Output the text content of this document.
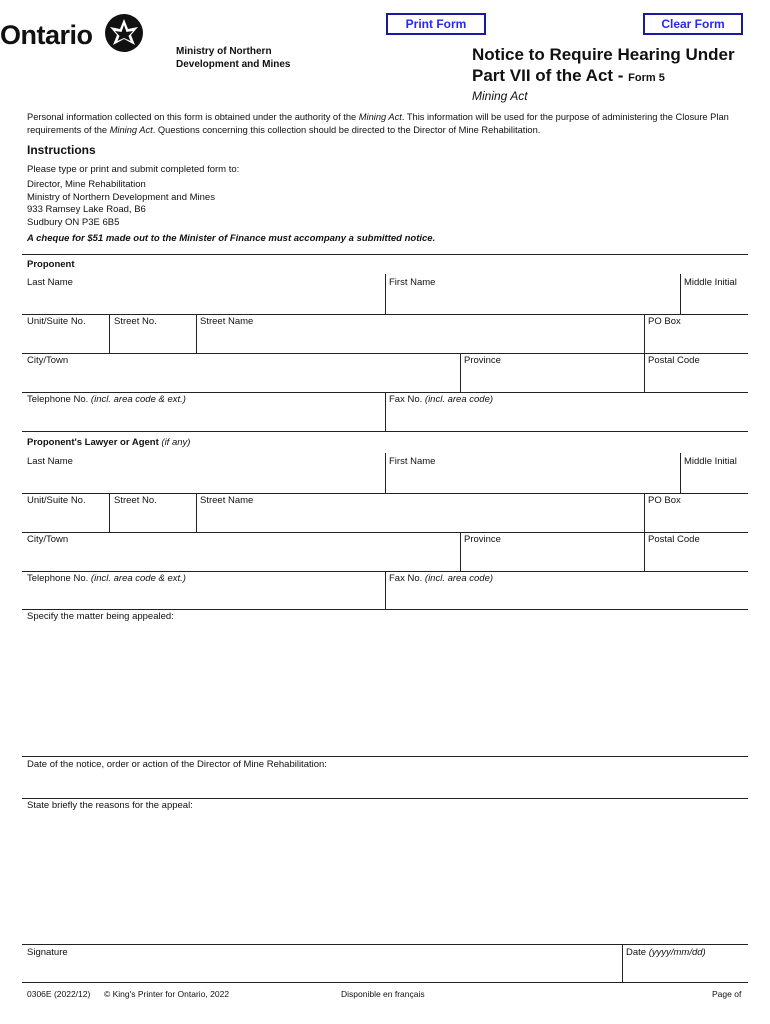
Ontario
Ministry of Northern
Development and Mines
Print Form	Clear Form
Notice to Require Hearing Under
Part VII of the Act - Form 5
Mining Act
Personal information collected on this form is obtained under the authority of the Mining Act. This information will be used for the purpose of administering the Closure Plan requirements of the Mining Act. Questions concerning this collection should be directed to the Director of Mine Rehabilitation.
Instructions
Please type or print and submit completed form to:
Director, Mine Rehabilitation
Ministry of Northern Development and Mines
933 Ramsey Lake Road, B6
Sudbury ON P3E 6B5
A cheque for $51 made out to the Minister of Finance must accompany a submitted notice.
Proponent
Last Name	First Name	Middle Initial
Unit/Suite No.	Street No.	Street Name	PO Box
City/Town	Province	Postal Code
Telephone No. (incl. area code & ext.)	Fax No. (incl. area code)
Proponent's Lawyer or Agent (if any)
Last Name	First Name	Middle Initial
Unit/Suite No.	Street No.	Street Name	PO Box
City/Town	Province	Postal Code
Telephone No. (incl. area code & ext.)	Fax No. (incl. area code)
Specify the matter being appealed:
Date of the notice, order or action of the Director of Mine Rehabilitation:
State briefly the reasons for the appeal:
Signature	Date (yyyy/mm/dd)
0306E (2022/12) © King's Printer for Ontario, 2022	Disponible en français	Page of
